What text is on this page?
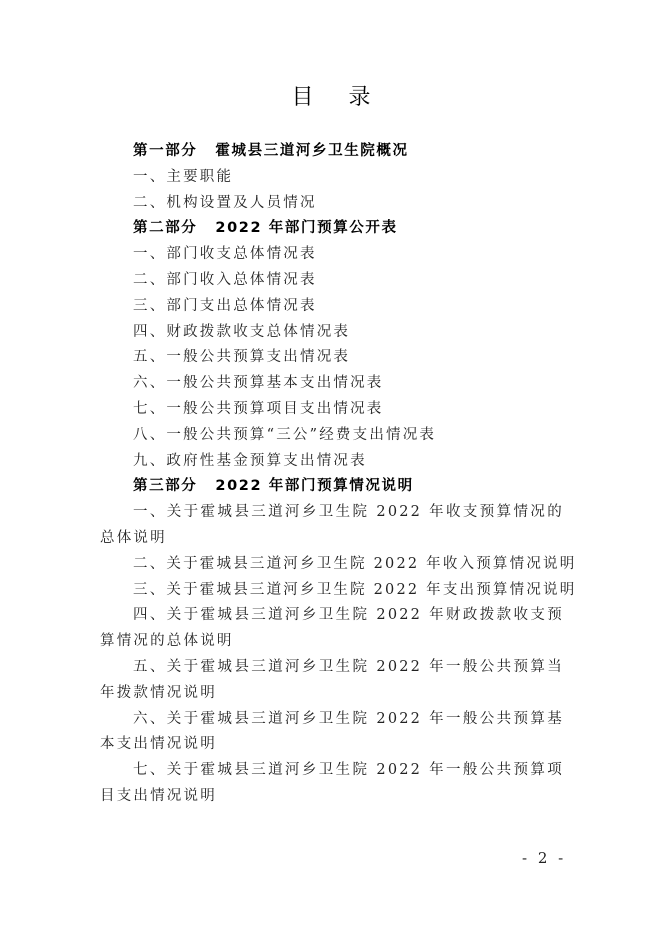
目 录
第一部分 霍城县三道河乡卫生院概况
一、主要职能
二、机构设置及人员情况
第二部分 2022 年部门预算公开表
一、部门收支总体情况表
二、部门收入总体情况表
三、部门支出总体情况表
四、财政拨款收支总体情况表
五、一般公共预算支出情况表
六、一般公共预算基本支出情况表
七、一般公共预算项目支出情况表
八、一般公共预算“三公”经费支出情况表
九、政府性基金预算支出情况表
第三部分 2022 年部门预算情况说明
一、关于霍城县三道河乡卫生院 2022 年收支预算情况的总体说明
二、关于霍城县三道河乡卫生院 2022 年收入预算情况说明
三、关于霍城县三道河乡卫生院 2022 年支出预算情况说明
四、关于霍城县三道河乡卫生院 2022 年财政拨款收支预算情况的总体说明
五、关于霍城县三道河乡卫生院 2022 年一般公共预算当年拨款情况说明
六、关于霍城县三道河乡卫生院 2022 年一般公共预算基本支出情况说明
七、关于霍城县三道河乡卫生院 2022 年一般公共预算项目支出情况说明
- 2 -
